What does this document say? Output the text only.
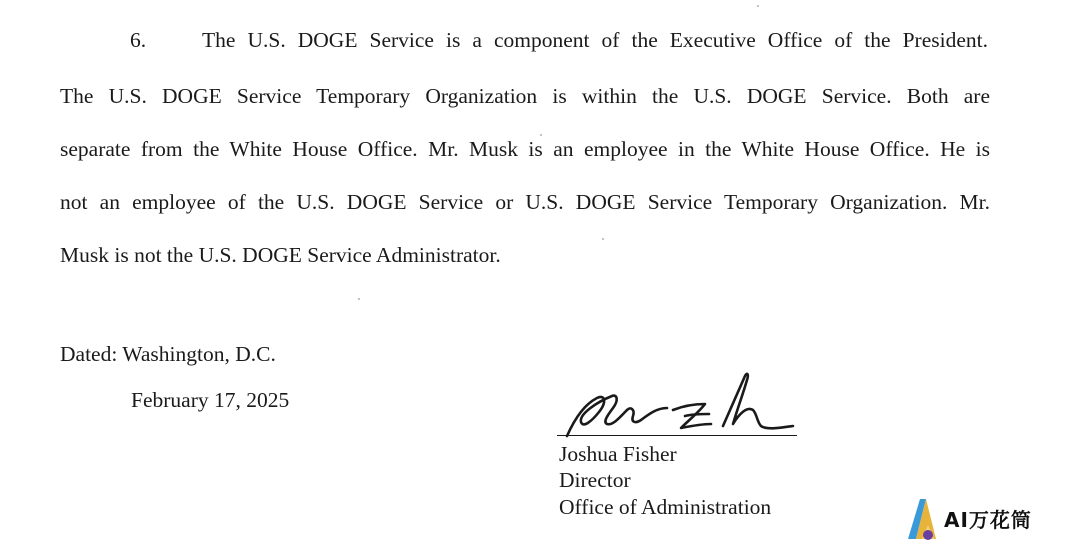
6.	The U.S. DOGE Service is a component of the Executive Office of the President.
The U.S. DOGE Service Temporary Organization is within the U.S. DOGE Service. Both are
separate from the White House Office. Mr. Musk is an employee in the White House Office. He is
not an employee of the U.S. DOGE Service or U.S. DOGE Service Temporary Organization. Mr.
Musk is not the U.S. DOGE Service Administrator.
Dated: Washington, D.C.
February 17, 2025
Joshua Fisher
Director
Office of Administration
AI万花筒
